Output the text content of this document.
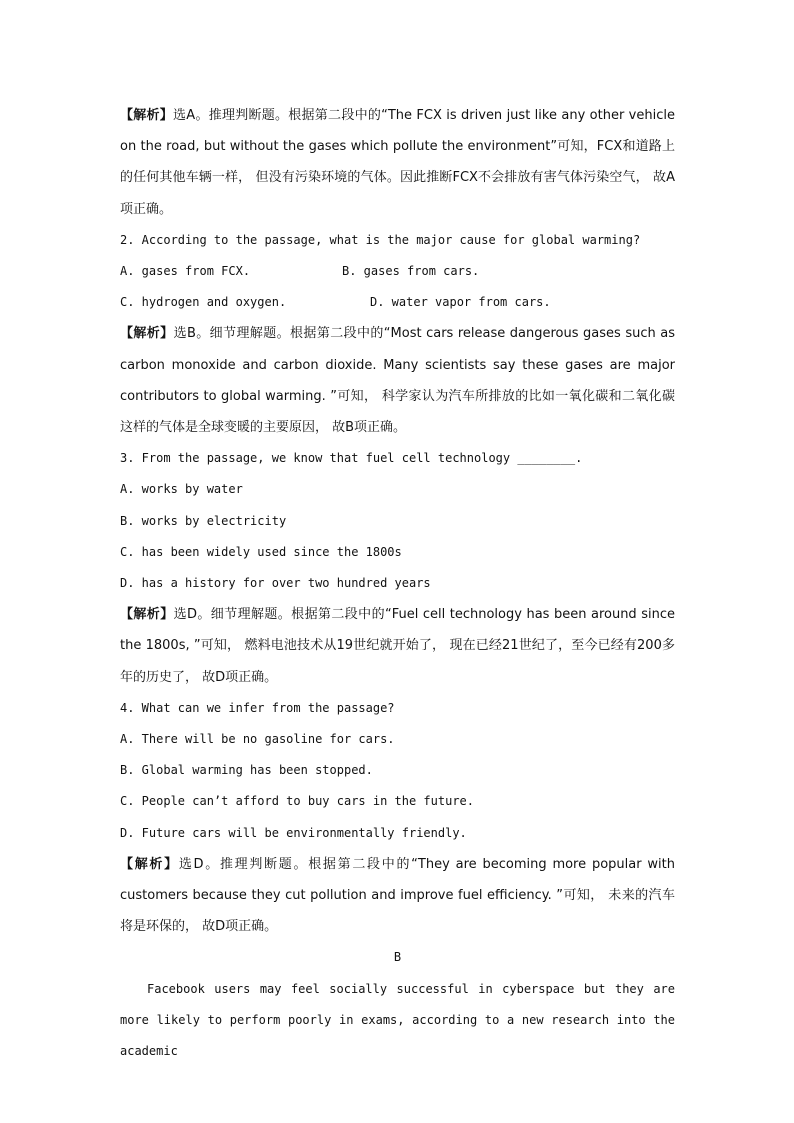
【解析】选A。推理判断题。根据第二段中的“The FCX is driven just like any other vehicle on the road, but without the gases which pollute the environment”可知，FCX和道路上的任何其他车辆一样， 但没有污染环境的气体。因此推断FCX不会排放有害气体污染空气， 故A项正确。

2. According to the passage, what is the major cause for global warming?

A. gases from FCX.	B. gases from cars.
C. hydrogen and oxygen.	D. water vapor from cars.

【解析】选B。细节理解题。根据第二段中的“Most cars release dangerous gases such as carbon monoxide and carbon dioxide. Many scientists say these gases are major contributors to global warming. ”可知， 科学家认为汽车所排放的比如一氧化碳和二氧化碳这样的气体是全球变暖的主要原因， 故B项正确。

3. From the passage, we know that fuel cell technology ________.

A. works by water

B. works by electricity

C. has been widely used since the 1800s

D. has a history for over two hundred years

【解析】选D。细节理解题。根据第二段中的“Fuel cell technology has been around since the 1800s, ”可知， 燃料电池技术从19世纪就开始了， 现在已经21世纪了，至今已经有200多年的历史了， 故D项正确。

4. What can we infer from the passage?

A. There will be no gasoline for cars.

B. Global warming has been stopped.

C. People can’t afford to buy cars in the future.

D. Future cars will be environmentally friendly.

【解析】选D。推理判断题。根据第二段中的“They are becoming more popular with customers because they cut pollution and improve fuel efficiency. ”可知， 未来的汽车将是环保的， 故D项正确。

B

Facebook users may feel socially successful in cyberspace but they are more likely to perform poorly in exams, according to a new research into the academic
